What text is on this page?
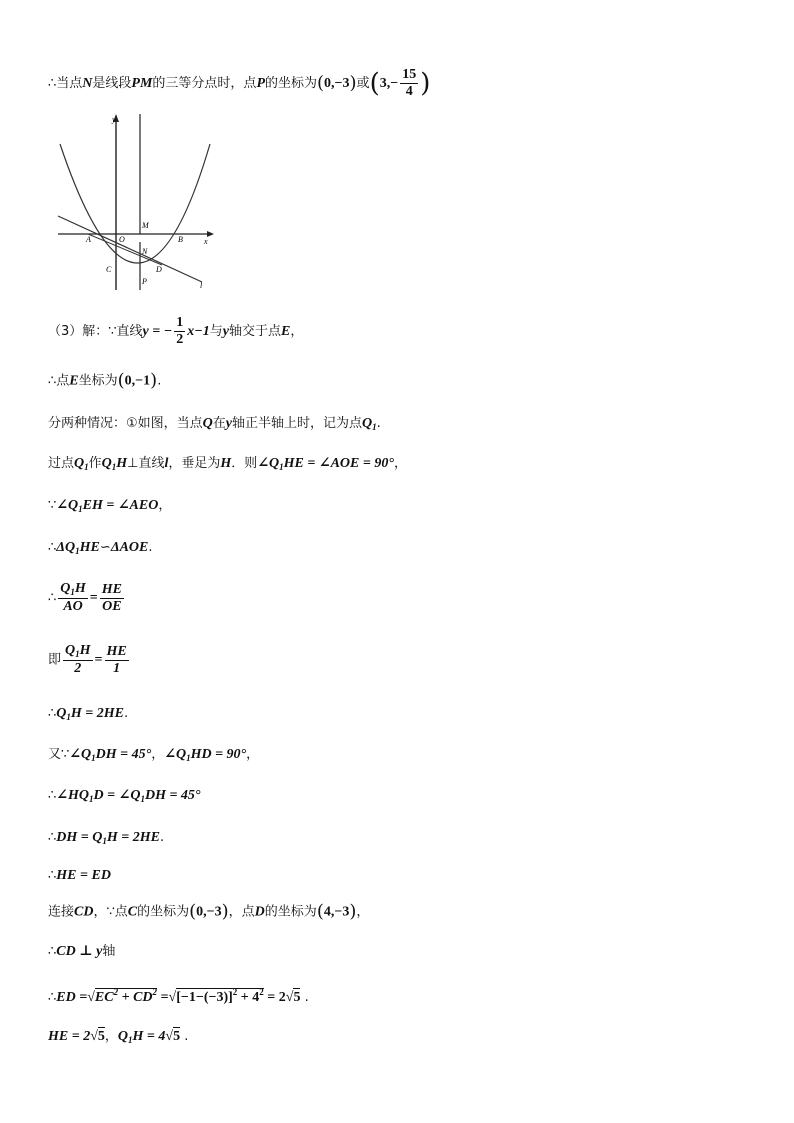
∴当点N是线段PM的三等分点时，点P的坐标为(0,−3)或($3,- \frac{15}{4}$ )
y
x
M
A	O	B
C	D
P
N
l
（3）解：∵直线y = − $\frac{1}{2} x-1$与y轴交于点E，
∴点E坐标为(0,−1).
分两种情况：①如图，当点Q在y轴正半轴上时，记为点$Q_1$.
过点$Q_1$作$Q_1H\perp$直线l，垂足为H．则$\angle Q_1HE$ = ∠AOE = 90°，
$\because\angle Q_1EH$ = ∠AEO，
$\therefore\Delta Q_1HE∽\Delta AOE$.
∴ $\frac{Q_1H}{AO} = \frac{HE}{OE}$
即 $\frac{Q_1H}{2} = \frac{HE}{1}$
$\therefore Q_1H = 2HE$.
又$\because\angle Q_1DH = 45^\circ$，$\angle Q_1HD = 90^\circ$，
$\therefore\angle HQ_1D$ = $\angle Q_1DH = 45^\circ$
∴DH = $Q_1H = 2HE$.
∴HE = ED
连接CD，∵点C的坐标为(0,−3)，点D的坐标为(4,−3)，
∴CD ⊥ y轴
∴ED $=√EC^2 + CD^2 =√[-1-(-3)]^2 + 4^2 = 2√5$ .
HE = 2√5，$Q_1H = 4√5$ .
